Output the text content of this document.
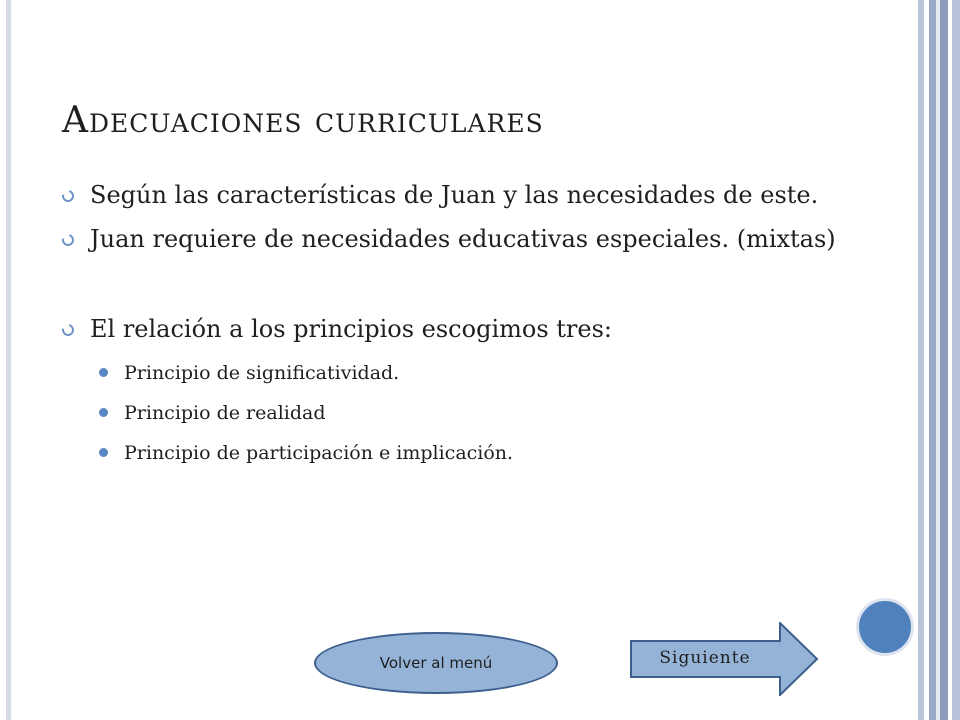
Adecuaciones curriculares
Según las características de Juan y las necesidades de este.
Juan requiere de necesidades educativas especiales. (mixtas)
El relación a los principios escogimos tres:
Principio de significatividad.
Principio de realidad
Principio de participación e implicación.
Volver al menú	Siguiente
